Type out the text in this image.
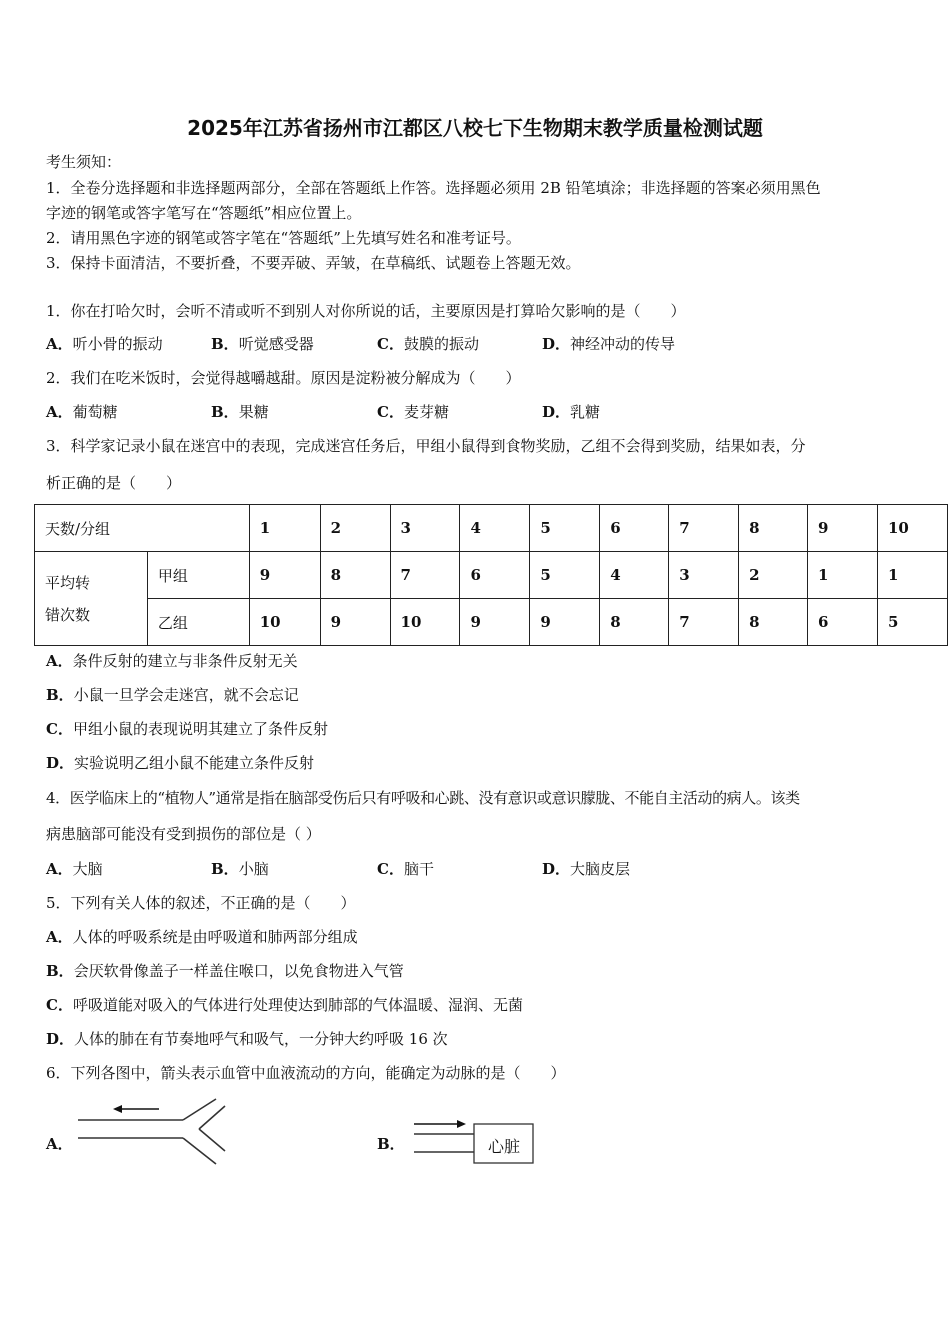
2025年江苏省扬州市江都区八校七下生物期末教学质量检测试题
考生须知：
1．全卷分选择题和非选择题两部分，全部在答题纸上作答。选择题必须用 2B 铅笔填涂；非选择题的答案必须用黑色
字迹的钢笔或答字笔写在“答题纸”相应位置上。
2．请用黑色字迹的钢笔或答字笔在“答题纸”上先填写姓名和准考证号。
3．保持卡面清洁，不要折叠，不要弄破、弄皱，在草稿纸、试题卷上答题无效。
1．你在打哈欠时，会听不清或听不到别人对你所说的话，主要原因是打算哈欠影响的是（　　）
A．听小骨的振动	B．听觉感受器	C．鼓膜的振动	D．神经冲动的传导
2．我们在吃米饭时，会觉得越嚼越甜。原因是淀粉被分解成为（　　）
A．葡萄糖	B．果糖	C．麦芽糖	D．乳糖
3．科学家记录小鼠在迷宫中的表现，完成迷宫任务后，甲组小鼠得到食物奖励，乙组不会得到奖励，结果如表，分
析正确的是（　　）
天数/分组		1	2	3	4	5	6	7	8	9	10
平均转
错次数	甲组	9	8	7	6	5	4	3	2	1	1
	乙组	10	9	10	9	9	8	7	8	6	5
A．条件反射的建立与非条件反射无关
B．小鼠一旦学会走迷宫，就不会忘记
C．甲组小鼠的表现说明其建立了条件反射
D．实验说明乙组小鼠不能建立条件反射
4．医学临床上的“植物人”通常是指在脑部受伤后只有呼吸和心跳、没有意识或意识朦胧、不能自主活动的病人。该类
病患脑部可能没有受到损伤的部位是（ ）
A．大脑	B．小脑	C．脑干	D．大脑皮层
5．下列有关人体的叙述，不正确的是（　　）
A．人体的呼吸系统是由呼吸道和肺两部分组成
B．会厌软骨像盖子一样盖住喉口，以免食物进入气管
C．呼吸道能对吸入的气体进行处理使达到肺部的气体温暖、湿润、无菌
D．人体的肺在有节奏地呼气和吸气，一分钟大约呼吸 16 次
6．下列各图中，箭头表示血管中血液流动的方向，能确定为动脉的是（　　）
A．	B．	心脏
